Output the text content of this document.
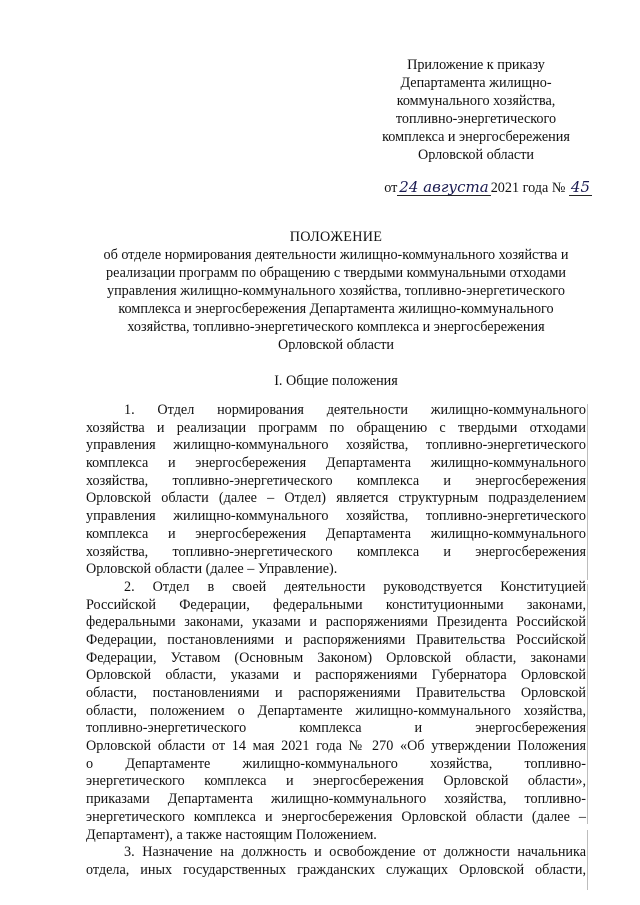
Приложение к приказу
Департамента жилищно-
коммунального хозяйства,
топливно-энергетического
комплекса и энергосбережения
Орловской области
от 24 августа 2021 года № 45
ПОЛОЖЕНИЕ
об отделе нормирования деятельности жилищно-коммунального хозяйства и
реализации программ по обращению с твердыми коммунальными отходами
управления жилищно-коммунального хозяйства, топливно-энергетического
комплекса и энергосбережения Департамента жилищно-коммунального
хозяйства, топливно-энергетического комплекса и энергосбережения
Орловской области
I. Общие положения
1. Отдел нормирования деятельности жилищно-коммунального
хозяйства и реализации программ по обращению с твердыми отходами
управления жилищно-коммунального хозяйства, топливно-энергетического
комплекса и энергосбережения Департамента жилищно-коммунального
хозяйства, топливно-энергетического комплекса и энергосбережения
Орловской области (далее – Отдел) является структурным подразделением
управления жилищно-коммунального хозяйства, топливно-энергетического
комплекса и энергосбережения Департамента жилищно-коммунального
хозяйства, топливно-энергетического комплекса и энергосбережения
Орловской области (далее – Управление).
2. Отдел в своей деятельности руководствуется Конституцией
Российской Федерации, федеральными конституционными законами,
федеральными законами, указами и распоряжениями Президента Российской
Федерации, постановлениями и распоряжениями Правительства Российской
Федерации, Уставом (Основным Законом) Орловской области, законами
Орловской области, указами и распоряжениями Губернатора Орловской
области, постановлениями и распоряжениями Правительства Орловской
области, положением о Департаменте жилищно-коммунального хозяйства,
топливно-энергетического комплекса и энергосбережения
Орловской области от 14 мая 2021 года № 270 «Об утверждении Положения
о Департаменте жилищно-коммунального хозяйства, топливно-
энергетического комплекса и энергосбережения Орловской области»,
приказами Департамента жилищно-коммунального хозяйства, топливно-
энергетического комплекса и энергосбережения Орловской области (далее –
Департамент), а также настоящим Положением.
3. Назначение на должность и освобождение от должности начальника
отдела, иных государственных гражданских служащих Орловской области,
